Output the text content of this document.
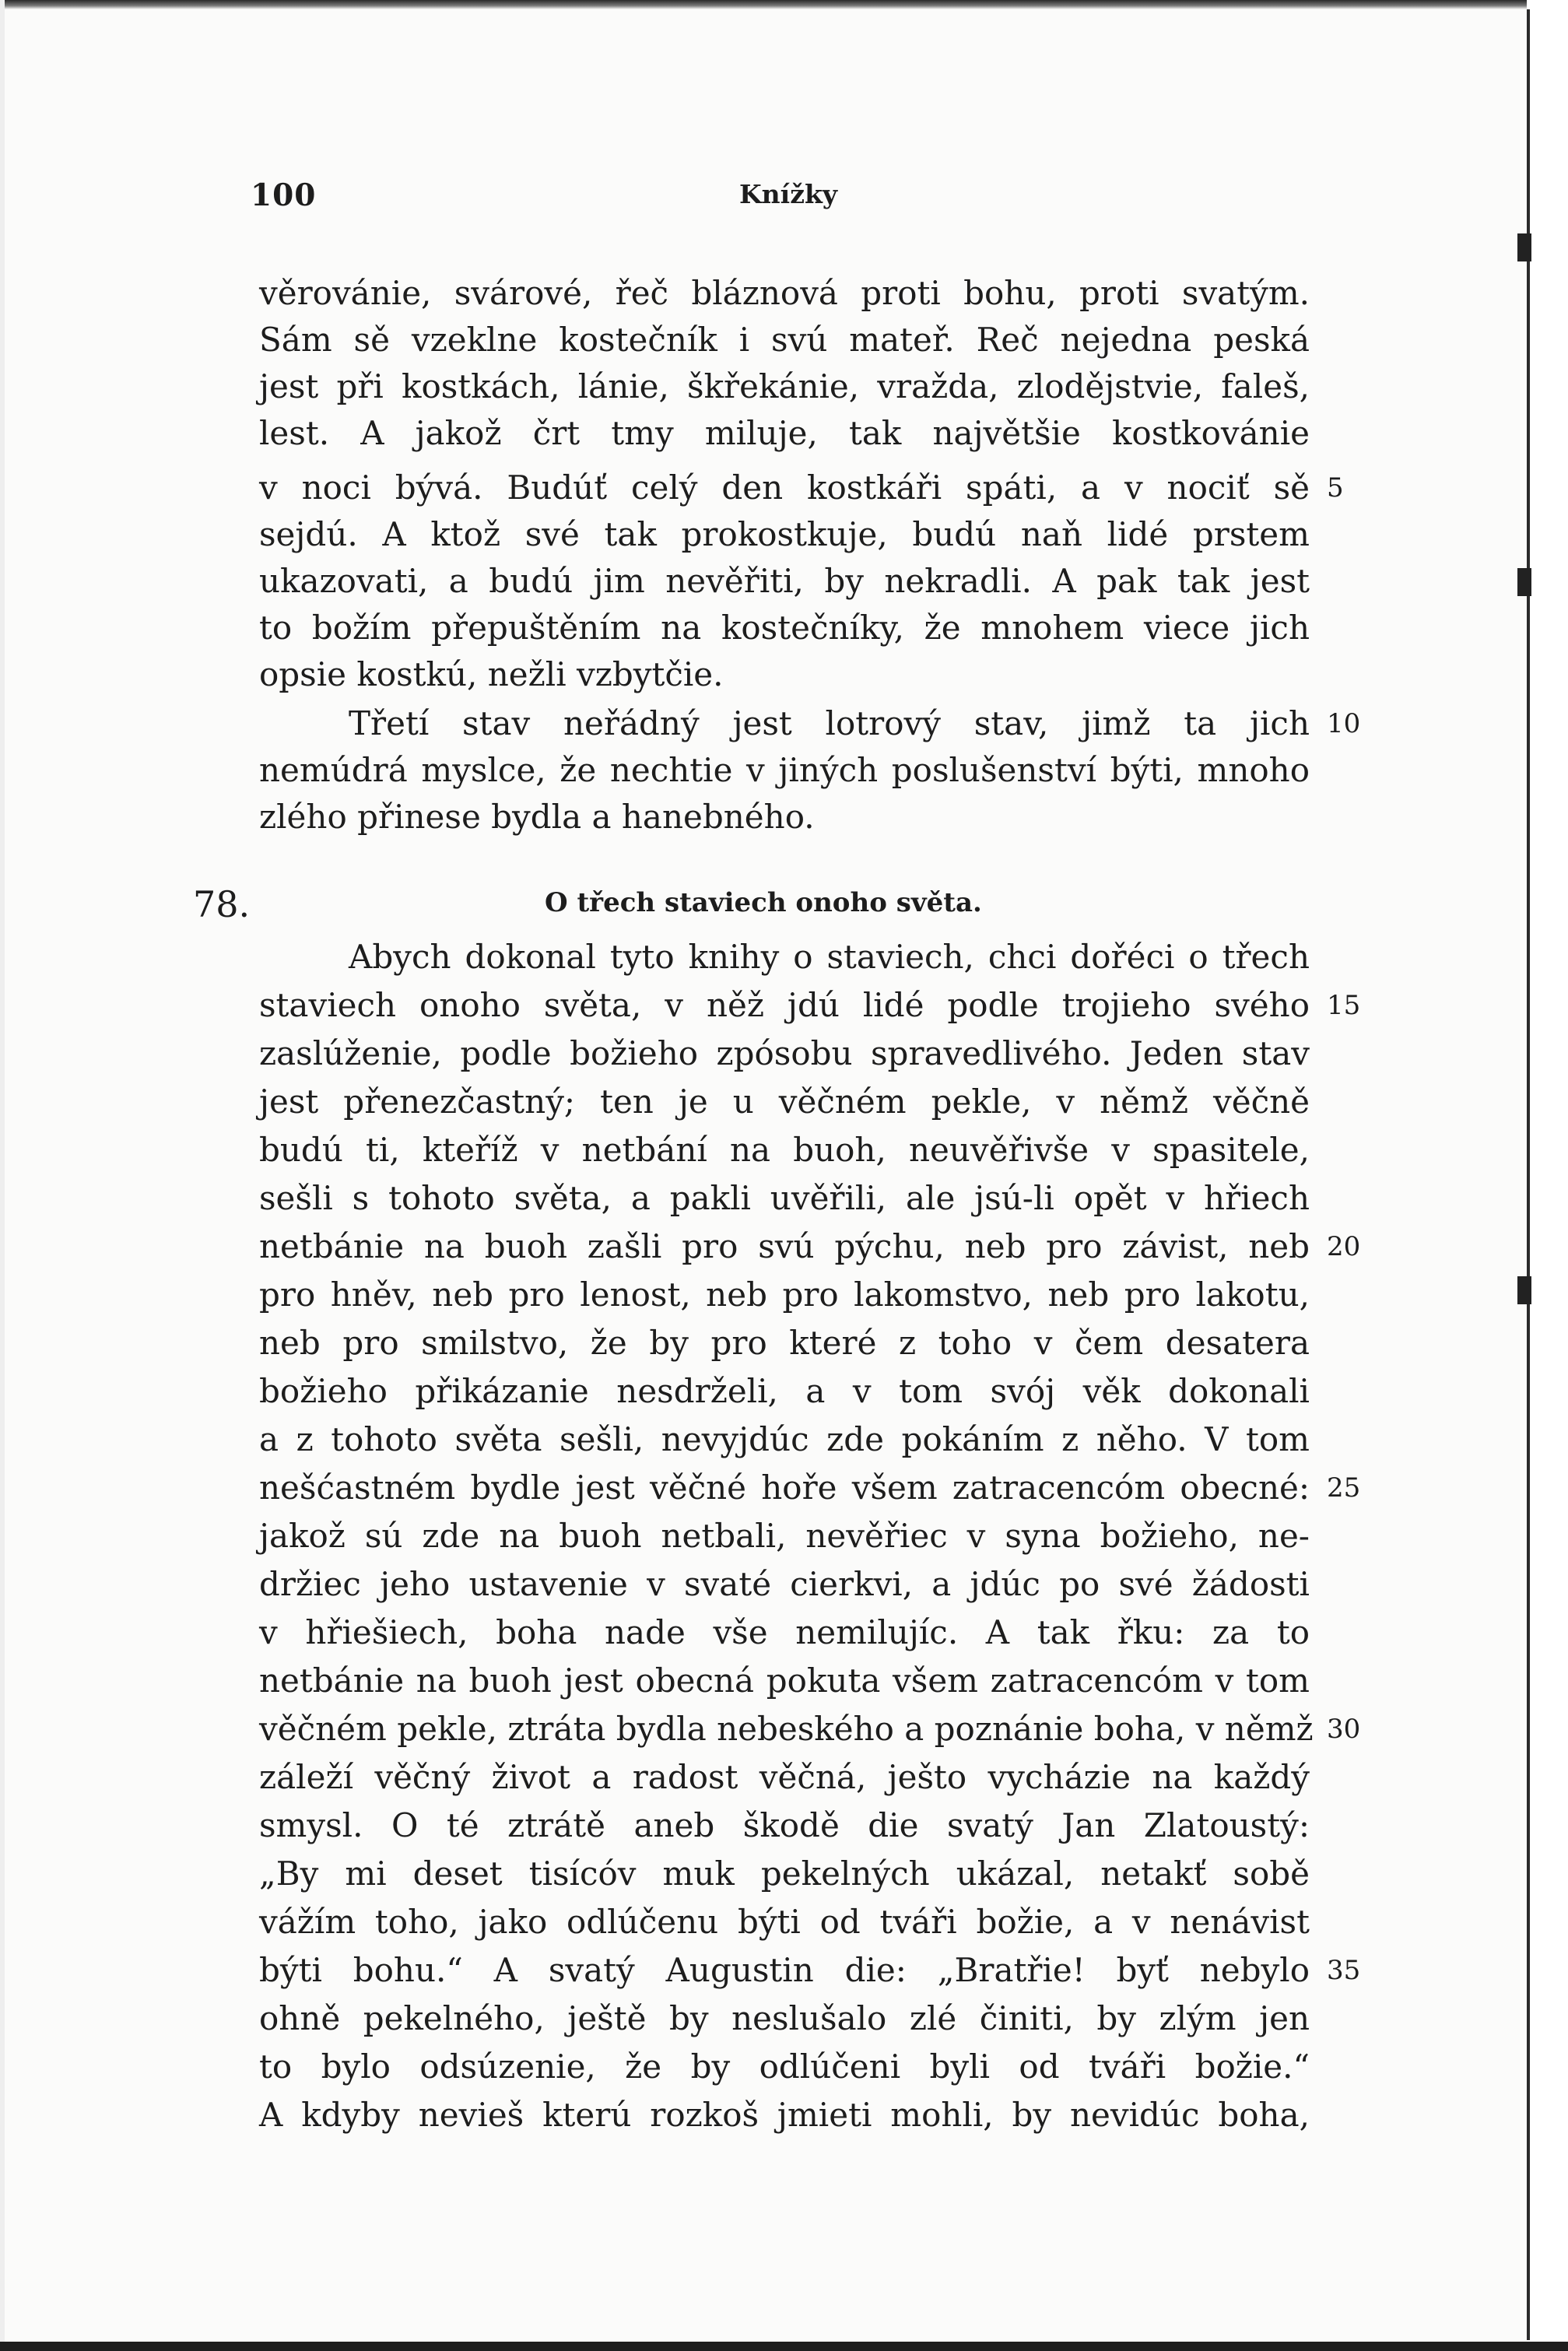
100	Knížky
věrovánie, svárové, řeč bláznová proti bohu, proti svatým.
Sám sě vzeklne kostečník i svú mateř. Reč nejedna peská
jest při kostkách, lánie, škřekánie, vražda, zlodějstvie, faleš,
lest. A jakož črt tmy miluje, tak najvětšie kostkovánie
v noci bývá. Budúť celý den kostkáři spáti, a v nociť sě
sejdú. A ktož své tak prokostkuje, budú naň lidé prstem
ukazovati, a budú jim nevěřiti, by nekradli. A pak tak jest
to božím přepuštěním na kostečníky, že mnohem viece jich
opsie kostkú, nežli vzbytčie.
Třetí stav neřádný jest lotrový stav, jimž ta jich
nemúdrá myslce, že nechtie v jiných poslušenství býti, mnoho
zlého přinese bydla a hanebného.
78.	O třech staviech onoho světa.
Abych dokonal tyto knihy o staviech, chci dořéci o třech
staviech onoho světa, v něž jdú lidé podle trojieho svého
zaslúženie, podle božieho zpósobu spravedlivého. Jeden stav
jest přenezčastný; ten je u věčném pekle, v němž věčně
budú ti, kteříž v netbání na buoh, neuvěřivše v spasitele,
sešli s tohoto světa, a pakli uvěřili, ale jsú-li opět v hřiech
netbánie na buoh zašli pro svú pýchu, neb pro závist, neb
pro hněv, neb pro lenost, neb pro lakomstvo, neb pro lakotu,
neb pro smilstvo, že by pro které z toho v čem desatera
božieho přikázanie nesdrželi, a v tom svój věk dokonali
a z tohoto světa sešli, nevyjdúc zde pokáním z něho. V tom
nešćastném bydle jest věčné hoře všem zatracencóm obecné:
jakož sú zde na buoh netbali, nevěřiec v syna božieho, ne-
držiec jeho ustavenie v svaté cierkvi, a jdúc po své žádosti
v hřiešiech, boha nade vše nemilujíc. A tak řku: za to
netbánie na buoh jest obecná pokuta všem zatracencóm v tom
věčném pekle, ztráta bydla nebeského a poznánie boha, v němž
záleží věčný život a radost věčná, ješto vycházie na každý
smysl. O té ztrátě aneb škodě die svatý Jan Zlatoustý:
„By mi deset tisícóv muk pekelných ukázal, netakť sobě
vážím toho, jako odlúčenu býti od tváři božie, a v nenávist
býti bohu.“ A svatý Augustin die: „Bratřie! byť nebylo
ohně pekelného, ještě by neslušalo zlé činiti, by zlým jen
to bylo odsúzenie, že by odlúčeni byli od tváři božie.“
A kdyby nevieš kterú rozkoš jmieti mohli, by nevidúc boha,
5
10
15
20
25
30
35
